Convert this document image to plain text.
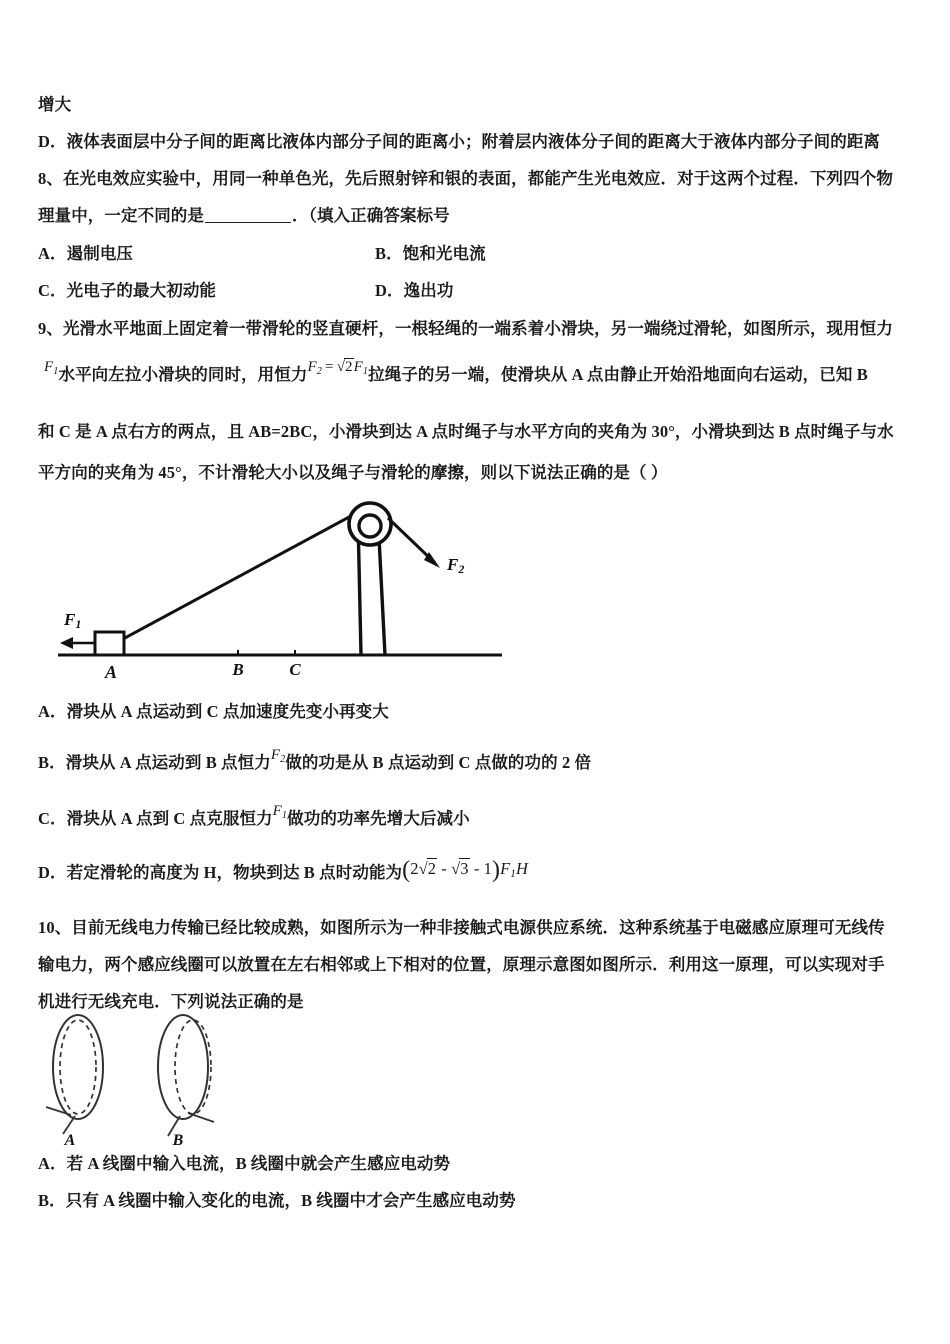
增大
D．液体表面层中分子间的距离比液体内部分子间的距离小；附着层内液体分子间的距离大于液体内部分子间的距离
8、在光电效应实验中，用同一种单色光，先后照射锌和银的表面，都能产生光电效应．对于这两个过程．下列四个物
理量中，一定不同的是	．（填入正确答案标号
A．遏制电压	B．饱和光电流
C．光电子的最大初动能	D．逸出功
9、光滑水平地面上固定着一带滑轮的竖直硬杆，一根轻绳的一端系着小滑块，另一端绕过滑轮，如图所示，现用恒力
$F_1$水平向左拉小滑块的同时，用恒力$F_2 = √2F_1$拉绳子的另一端，使滑块从 A 点由静止开始沿地面向右运动，已知 B
和 C 是 A 点右方的两点，且 AB=2BC，小滑块到达 A 点时绳子与水平方向的夹角为 30°，小滑块到达 B 点时绳子与水
平方向的夹角为 45°，不计滑轮大小以及绳子与滑轮的摩擦，则以下说法正确的是（ ）
A	B	C
F1
F2
A．滑块从 A 点运动到 C 点加速度先变小再变大
B．滑块从 A 点运动到 B 点恒力$F_2$做的功是从 B 点运动到 C 点做的功的 2 倍
C．滑块从 A 点到 C 点克服恒力$F_1$做功的功率先增大后减小
D．若定滑轮的高度为 H，物块到达 B 点时动能为$(2√2 - √3 - 1)F_1H$
10、目前无线电力传输已经比较成熟，如图所示为一种非接触式电源供应系统．这种系统基于电磁感应原理可无线传
输电力，两个感应线圈可以放置在左右相邻或上下相对的位置，原理示意图如图所示．利用这一原理，可以实现对手
机进行无线充电．下列说法正确的是
A	B
A．若 A 线圈中输入电流，B 线圈中就会产生感应电动势
B．只有 A 线圈中输入变化的电流，B 线圈中才会产生感应电动势
